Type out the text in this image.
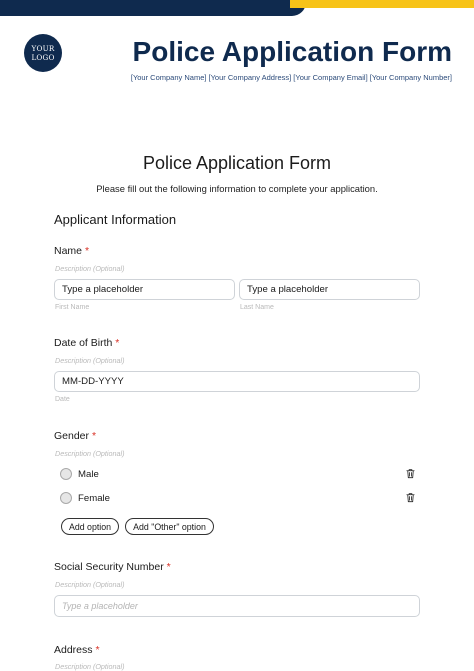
YOUR
LOGO	Police Application Form
[Your Company Name] [Your Company Address] [Your Company Email] [Your Company Number]
Police Application Form
Please fill out the following information to complete your application.
Applicant Information
Name *
Description (Optional)
Type a placeholder
First Name
Type a placeholder
Last Name
Date of Birth *
Description (Optional)
MM-DD-YYYY
Date
Gender *
Description (Optional)
Male
Female
Add option	Add "Other" option
Social Security Number *
Description (Optional)
Type a placeholder
Address *
Description (Optional)
